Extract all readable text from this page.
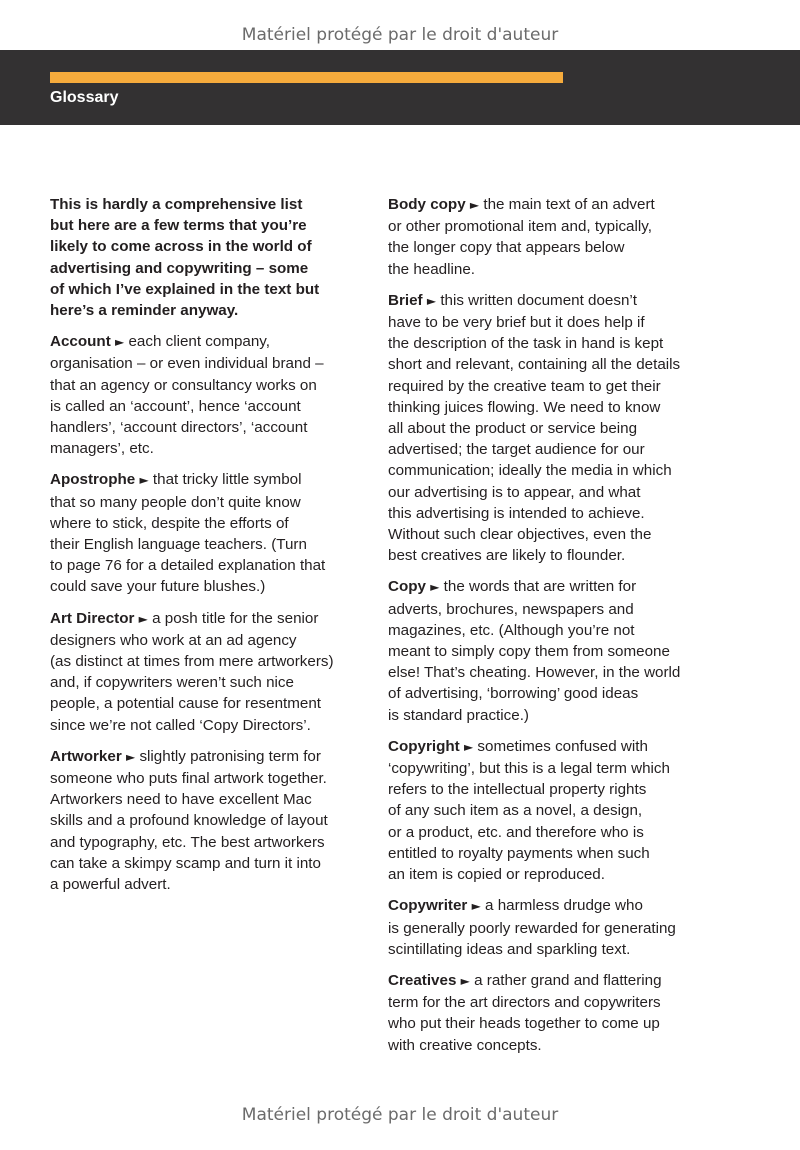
Matériel protégé par le droit d'auteur
Glossary

This is hardly a comprehensive list
but here are a few terms that you’re
likely to come across in the world of
advertising and copywriting – some
of which I’ve explained in the text but
here’s a reminder anyway.

Account ► each client company,
organisation – or even individual brand –
that an agency or consultancy works on
is called an ‘account’, hence ‘account
handlers’, ‘account directors’, ‘account
managers’, etc.

Apostrophe ► that tricky little symbol
that so many people don’t quite know
where to stick, despite the efforts of
their English language teachers. (Turn
to page 76 for a detailed explanation that
could save your future blushes.)

Art Director ► a posh title for the senior
designers who work at an ad agency
(as distinct at times from mere artworkers)
and, if copywriters weren’t such nice
people, a potential cause for resentment
since we’re not called ‘Copy Directors’.

Artworker ► slightly patronising term for
someone who puts final artwork together.
Artworkers need to have excellent Mac
skills and a profound knowledge of layout
and typography, etc. The best artworkers
can take a skimpy scamp and turn it into
a powerful advert.

Body copy ► the main text of an advert
or other promotional item and, typically,
the longer copy that appears below
the headline.

Brief ► this written document doesn’t
have to be very brief but it does help if
the description of the task in hand is kept
short and relevant, containing all the details
required by the creative team to get their
thinking juices flowing. We need to know
all about the product or service being
advertised; the target audience for our
communication; ideally the media in which
our advertising is to appear, and what
this advertising is intended to achieve.
Without such clear objectives, even the
best creatives are likely to flounder.

Copy ► the words that are written for
adverts, brochures, newspapers and
magazines, etc. (Although you’re not
meant to simply copy them from someone
else! That’s cheating. However, in the world
of advertising, ‘borrowing’ good ideas
is standard practice.)

Copyright ► sometimes confused with
‘copywriting’, but this is a legal term which
refers to the intellectual property rights
of any such item as a novel, a design,
or a product, etc. and therefore who is
entitled to royalty payments when such
an item is copied or reproduced.

Copywriter ► a harmless drudge who
is generally poorly rewarded for generating
scintillating ideas and sparkling text.

Creatives ► a rather grand and flattering
term for the art directors and copywriters
who put their heads together to come up
with creative concepts.

Matériel protégé par le droit d'auteur
